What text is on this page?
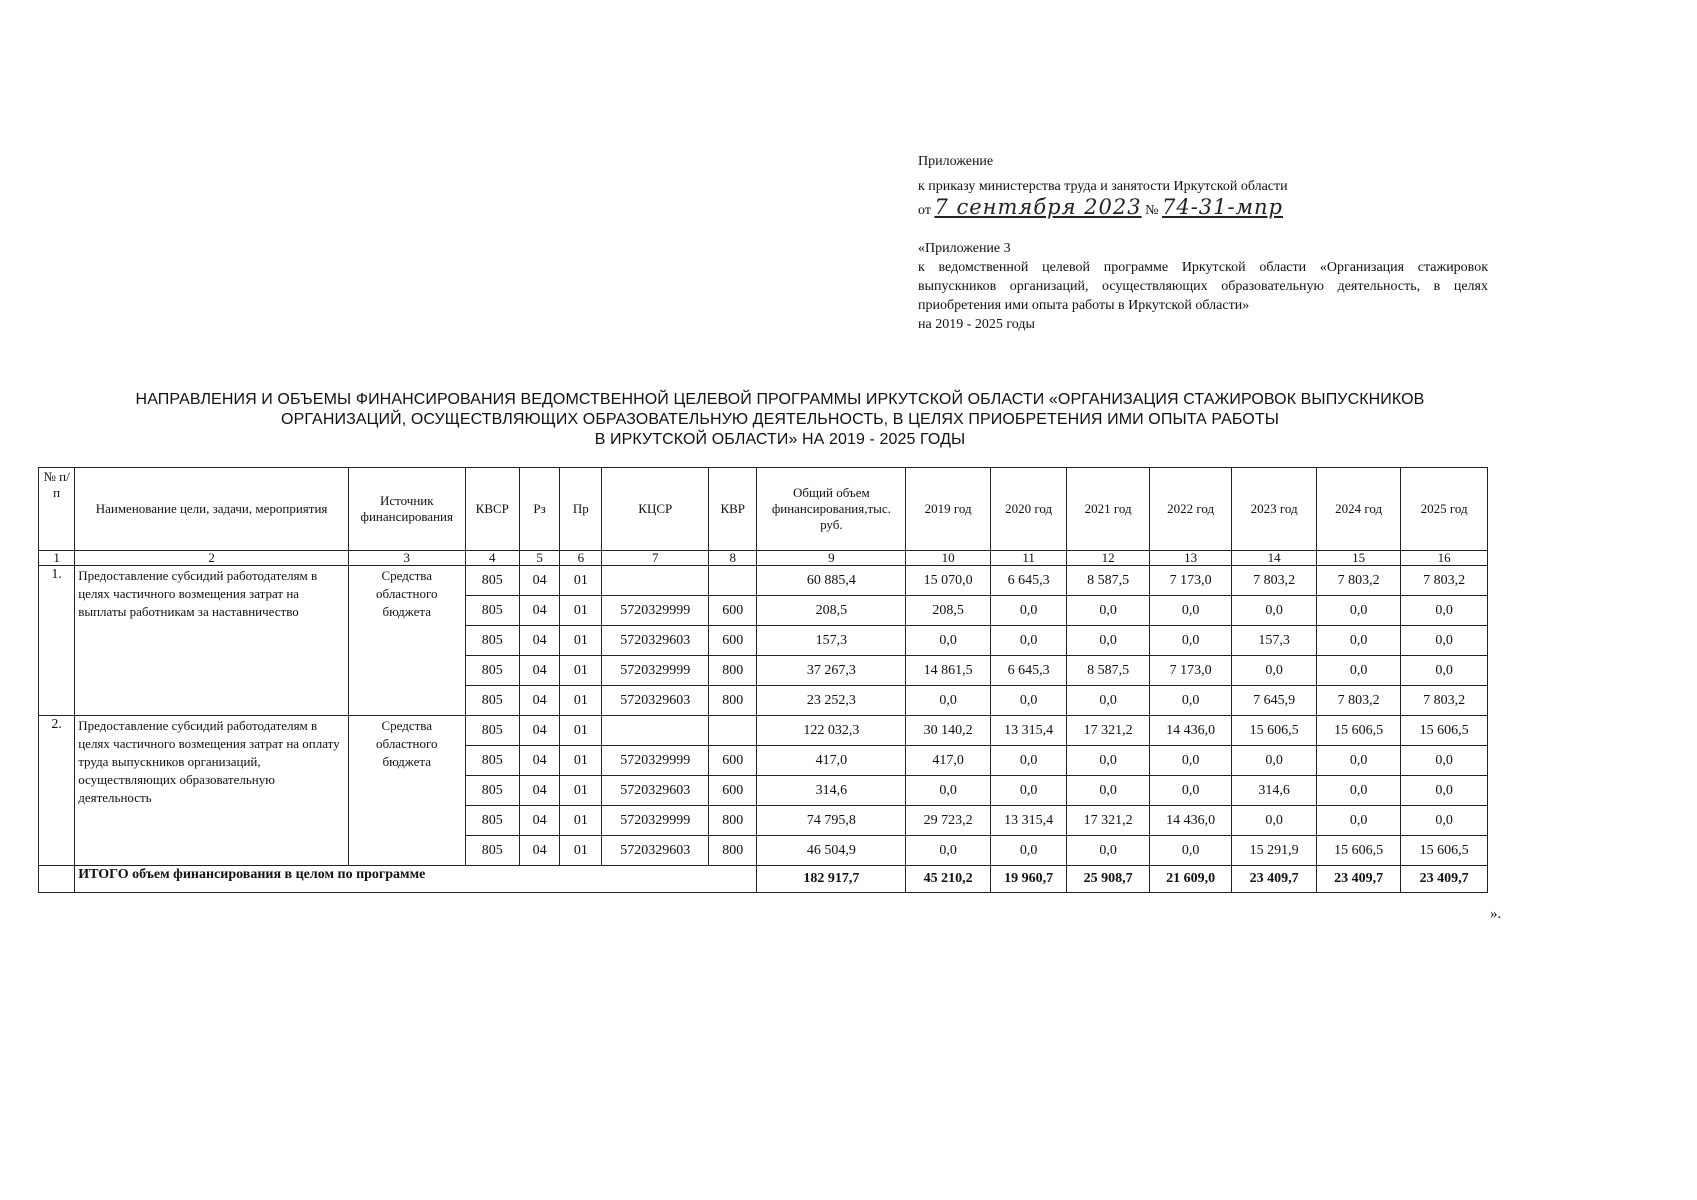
Приложение
к приказу министерства труда и занятости Иркутской области
от 7 сентября 2023 № 74-31-мпр
«Приложение 3
к ведомственной целевой программе Иркутской области «Организация стажировок выпускников организаций, осуществляющих образовательную деятельность, в целях приобретения ими опыта работы в Иркутской области»
на 2019 - 2025 годы
НАПРАВЛЕНИЯ И ОБЪЕМЫ ФИНАНСИРОВАНИЯ ВЕДОМСТВЕННОЙ ЦЕЛЕВОЙ ПРОГРАММЫ ИРКУТСКОЙ ОБЛАСТИ «ОРГАНИЗАЦИЯ СТАЖИРОВОК ВЫПУСКНИКОВ
ОРГАНИЗАЦИЙ, ОСУЩЕСТВЛЯЮЩИХ ОБРАЗОВАТЕЛЬНУЮ ДЕЯТЕЛЬНОСТЬ, В ЦЕЛЯХ ПРИОБРЕТЕНИЯ ИМИ ОПЫТА РАБОТЫ
В ИРКУТСКОЙ ОБЛАСТИ» НА 2019 - 2025 ГОДЫ
№ п/п	Наименование цели, задачи, мероприятия	Источник финансирования	КВСР	Рз	Пр	КЦСР	КВР	Общий объем финансирования,тыс. руб.	2019 год	2020 год	2021 год	2022 год	2023 год	2024 год	2025 год
1	2	3	4	5	6	7	8	9	10	11	12	13	14	15	16
1.	Предоставление субсидий работодателям в целях частичного возмещения затрат на выплаты работникам за наставничество	Средства областного бюджета	805	04	01			60 885,4	15 070,0	6 645,3	8 587,5	7 173,0	7 803,2	7 803,2	7 803,2
			805	04	01	5720329999	600	208,5	208,5	0,0	0,0	0,0	0,0	0,0	0,0
			805	04	01	5720329603	600	157,3	0,0	0,0	0,0	0,0	157,3	0,0	0,0
			805	04	01	5720329999	800	37 267,3	14 861,5	6 645,3	8 587,5	7 173,0	0,0	0,0	0,0
			805	04	01	5720329603	800	23 252,3	0,0	0,0	0,0	0,0	7 645,9	7 803,2	7 803,2
2.	Предоставление субсидий работодателям в целях частичного возмещения затрат на оплату труда выпускников организаций, осуществляющих образовательную деятельность	Средства областного бюджета	805	04	01			122 032,3	30 140,2	13 315,4	17 321,2	14 436,0	15 606,5	15 606,5	15 606,5
			805	04	01	5720329999	600	417,0	417,0	0,0	0,0	0,0	0,0	0,0	0,0
			805	04	01	5720329603	600	314,6	0,0	0,0	0,0	0,0	314,6	0,0	0,0
			805	04	01	5720329999	800	74 795,8	29 723,2	13 315,4	17 321,2	14 436,0	0,0	0,0	0,0
			805	04	01	5720329603	800	46 504,9	0,0	0,0	0,0	0,0	15 291,9	15 606,5	15 606,5
	ИТОГО объем финансирования в целом по программе							182 917,7	45 210,2	19 960,7	25 908,7	21 609,0	23 409,7	23 409,7	23 409,7
».
